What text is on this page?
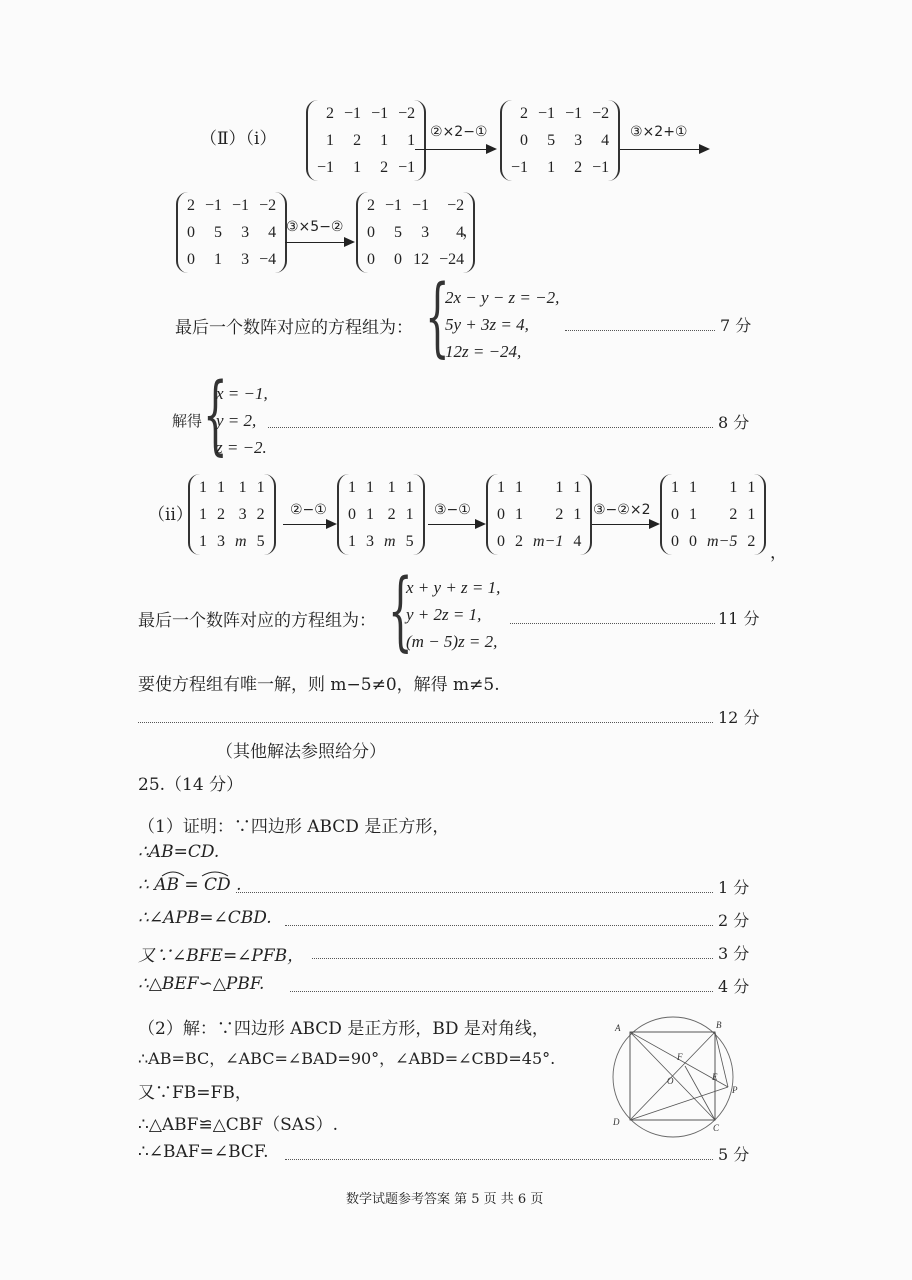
（Ⅱ）（ⅰ）
2	−1	−1	−2
1	2	1	1
−1	1	2	−1
②×2−①
2	−1	−1	−2
0	5	3	4
−1	1	2	−1
③×2+①
2	−1	−1	−2
0	5	3	4
0	1	3	−4
③×5−②
2	−1	−1	−2
0	5	3	4
0	0	12	−24
，
最后一个数阵对应的方程组为： {
2x − y − z = −2,
5y + 3z = 4,
12z = −24,
7 分
解得 {
x = −1,
y = 2,
z = −2.
8 分
（ⅱ）
1	1	1	1
1	2	3	2
1	3	m	5
②−①
1	1	1	1
0	1	2	1
1	3	m	5
③−①
1	1	1	1
0	1	2	1
0	2	m−1	4
③−②×2
1	1	1	1
0	1	2	1
0	0	m−5	2
，
最后一个数阵对应的方程组为： {
x + y + z = 1,
y + 2z = 1,
(m − 5)z = 2,
11 分
要使方程组有唯一解，则 m−5≠0，解得 m≠5.
12 分
（其他解法参照给分）
25.（14 分）
（1）证明：∵四边形 ABCD 是正方形，
∴AB=CD.
∴ AB = CD .	1 分
∴∠APB=∠CBD.	2 分
又∵∠BFE=∠PFB，	3 分
∴△BEF∽△PBF.	4 分
（2）解：∵四边形 ABCD 是正方形，BD 是对角线，
∴AB=BC，∠ABC=∠BAD=90°，∠ABD=∠CBD=45°.
又∵FB=FB，
∴△ABF≌△CBF（SAS）.
∴∠BAF=∠BCF.	5 分
A	B
C
D
O
F
E
P
数学试题参考答案 第 5 页 共 6 页
